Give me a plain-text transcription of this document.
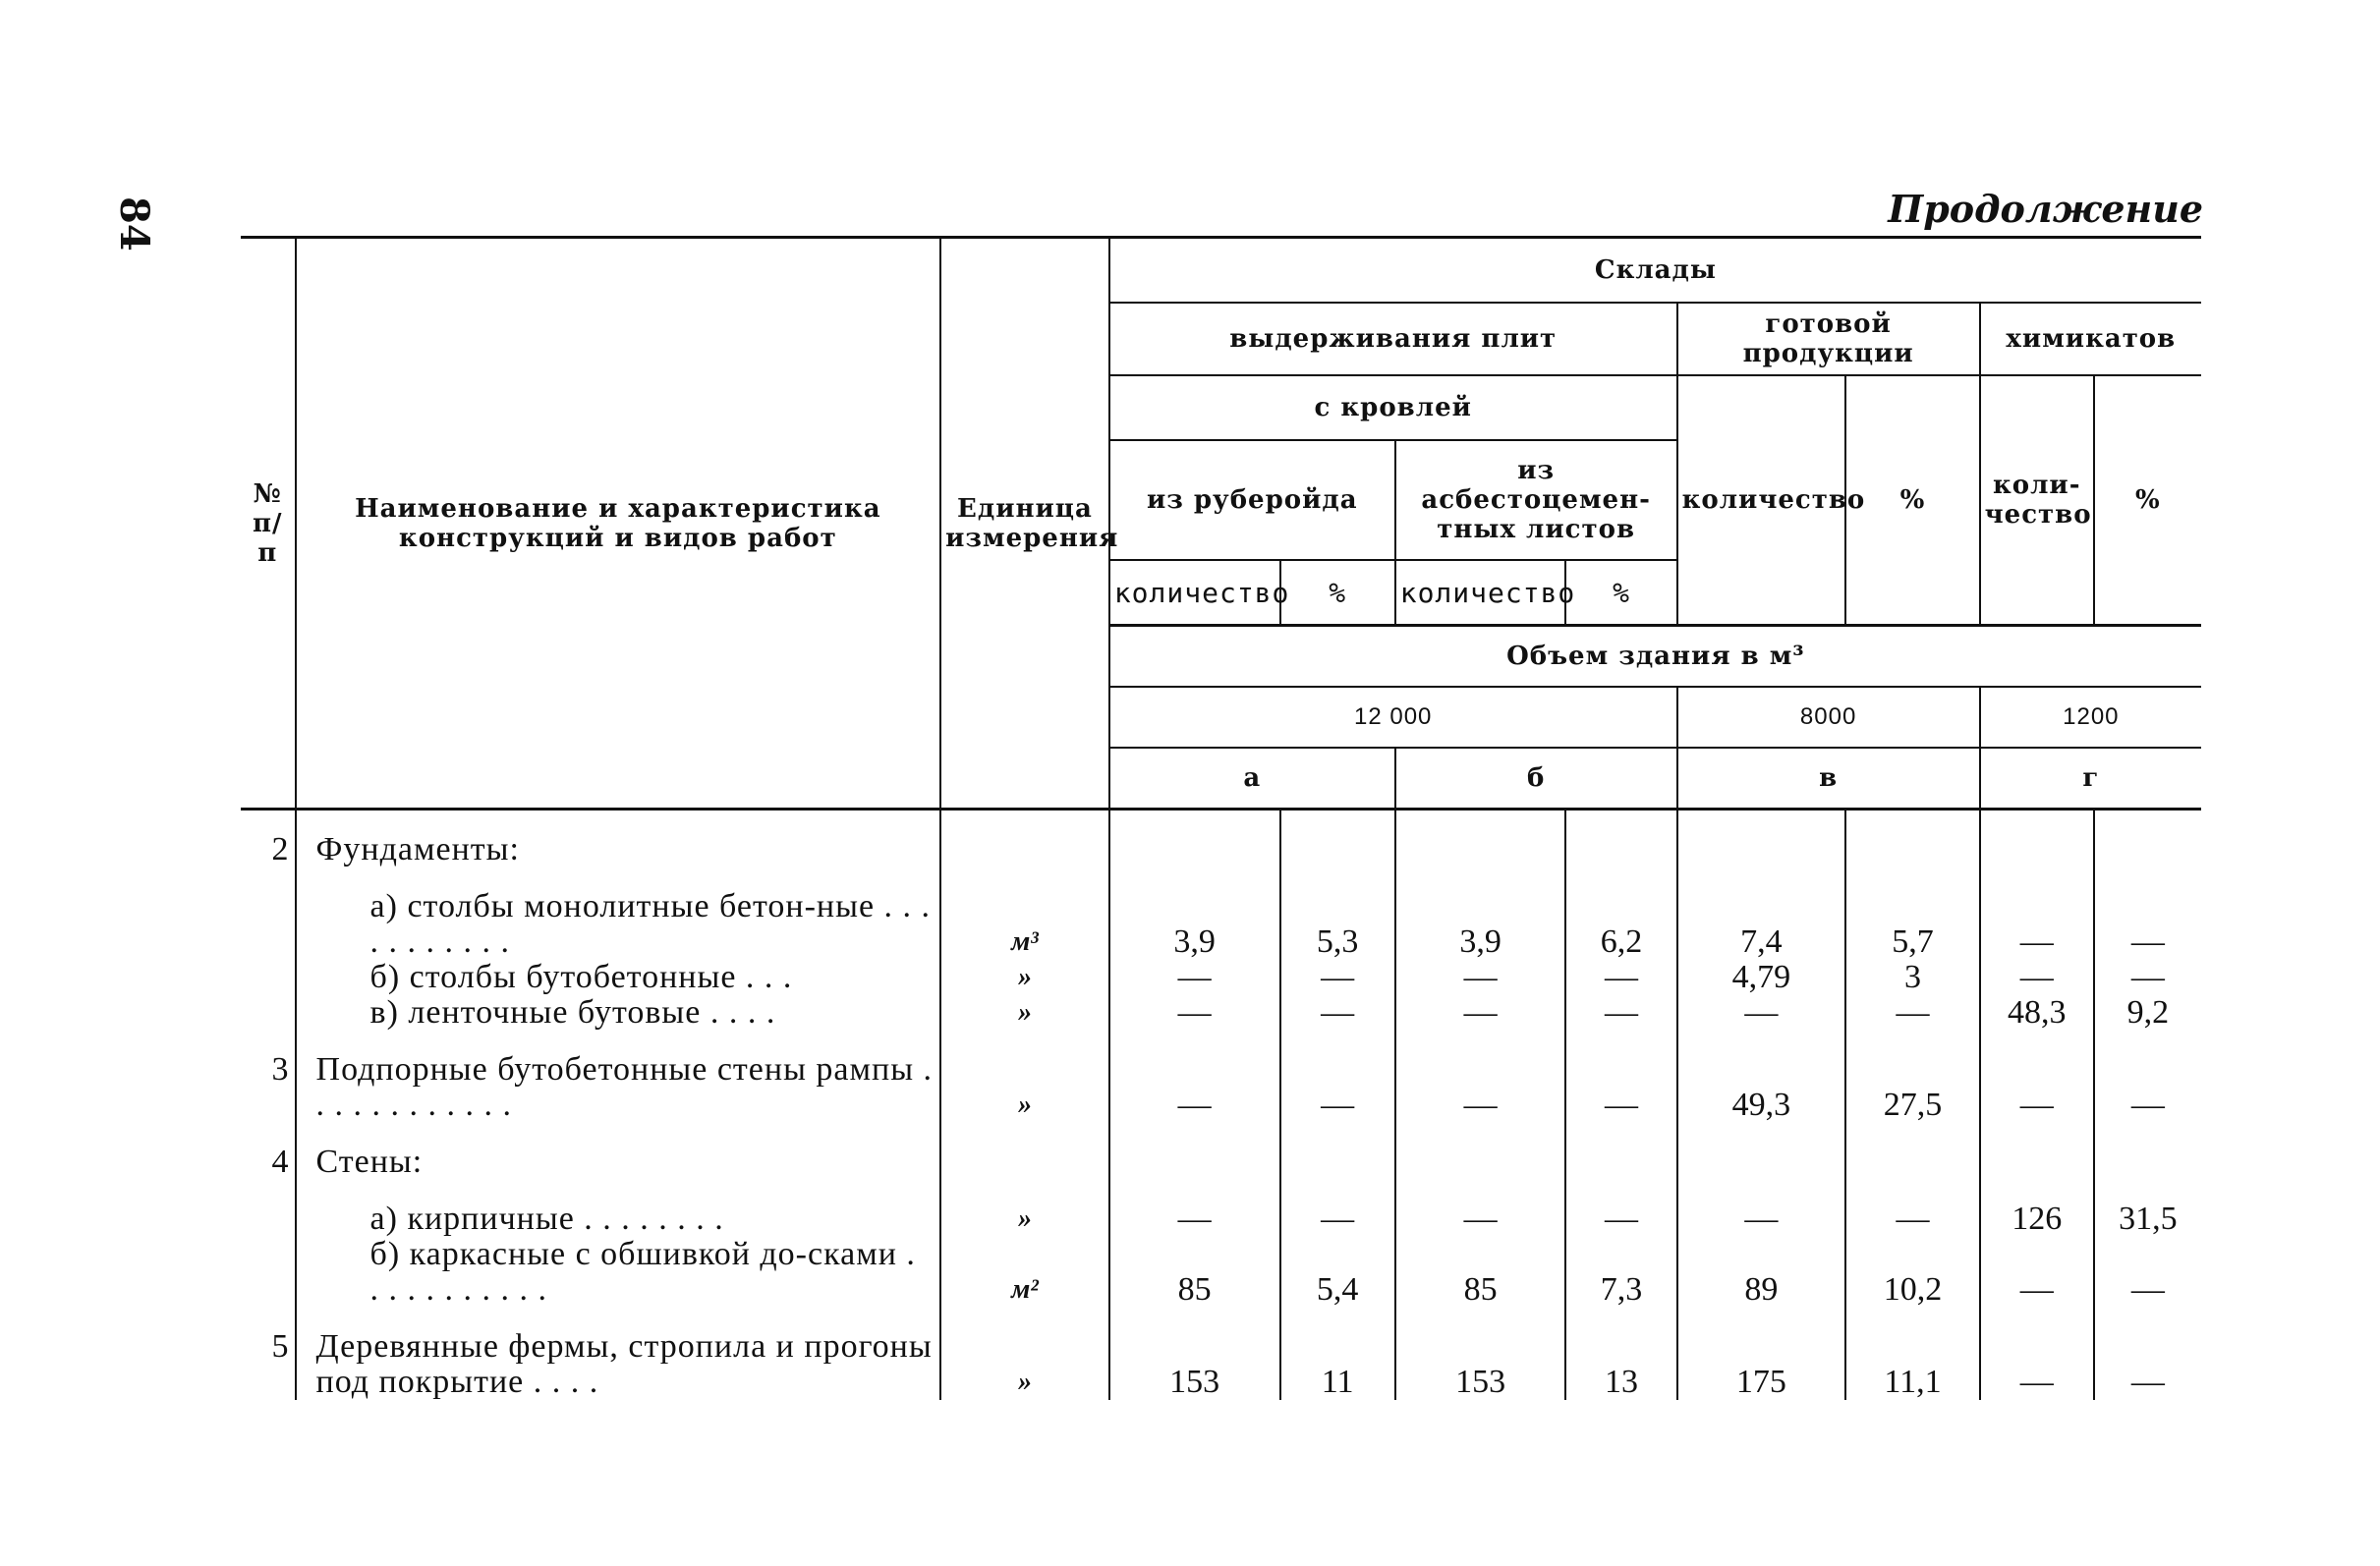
84	Продолжение
№ п/п	Наименование и характеристика конструкций и видов работ	Единица измерения	Склады							
			выдерживания плит				готовой продукции		химикатов	
			с кровлей				количество	%	коли-чество	%
			из руберойда		из асбестоцемен-тных листов					
			количество	%	количество	%				
			Объем здания в м³							
			12 000				8000		1200	
			а		б		в		г	
2	Фундаменты:									
	а) столбы монолитные бетон-ные . . . . . . . . . . .	м³	3,9	5,3	3,9	6,2	7,4	5,7	—	—
	б) столбы бутобетонные . . .	»	—	—	—	—	4,79	3	—	—
	в) ленточные бутовые . . . .	»	—	—	—	—	—	—	48,3	9,2
3	Подпорные бутобетонные стены рампы . . . . . . . . . . . .	»	—	—	—	—	49,3	27,5	—	—
4	Стены:									
	а) кирпичные . . . . . . . .	»	—	—	—	—	—	—	126	31,5
	б) каркасные с обшивкой до-сками . . . . . . . . . . .	м²	85	5,4	85	7,3	89	10,2	—	—
5	Деревянные фермы, стропила и прогоны под покрытие . . . .	»	153	11	153	13	175	11,1	—	—
